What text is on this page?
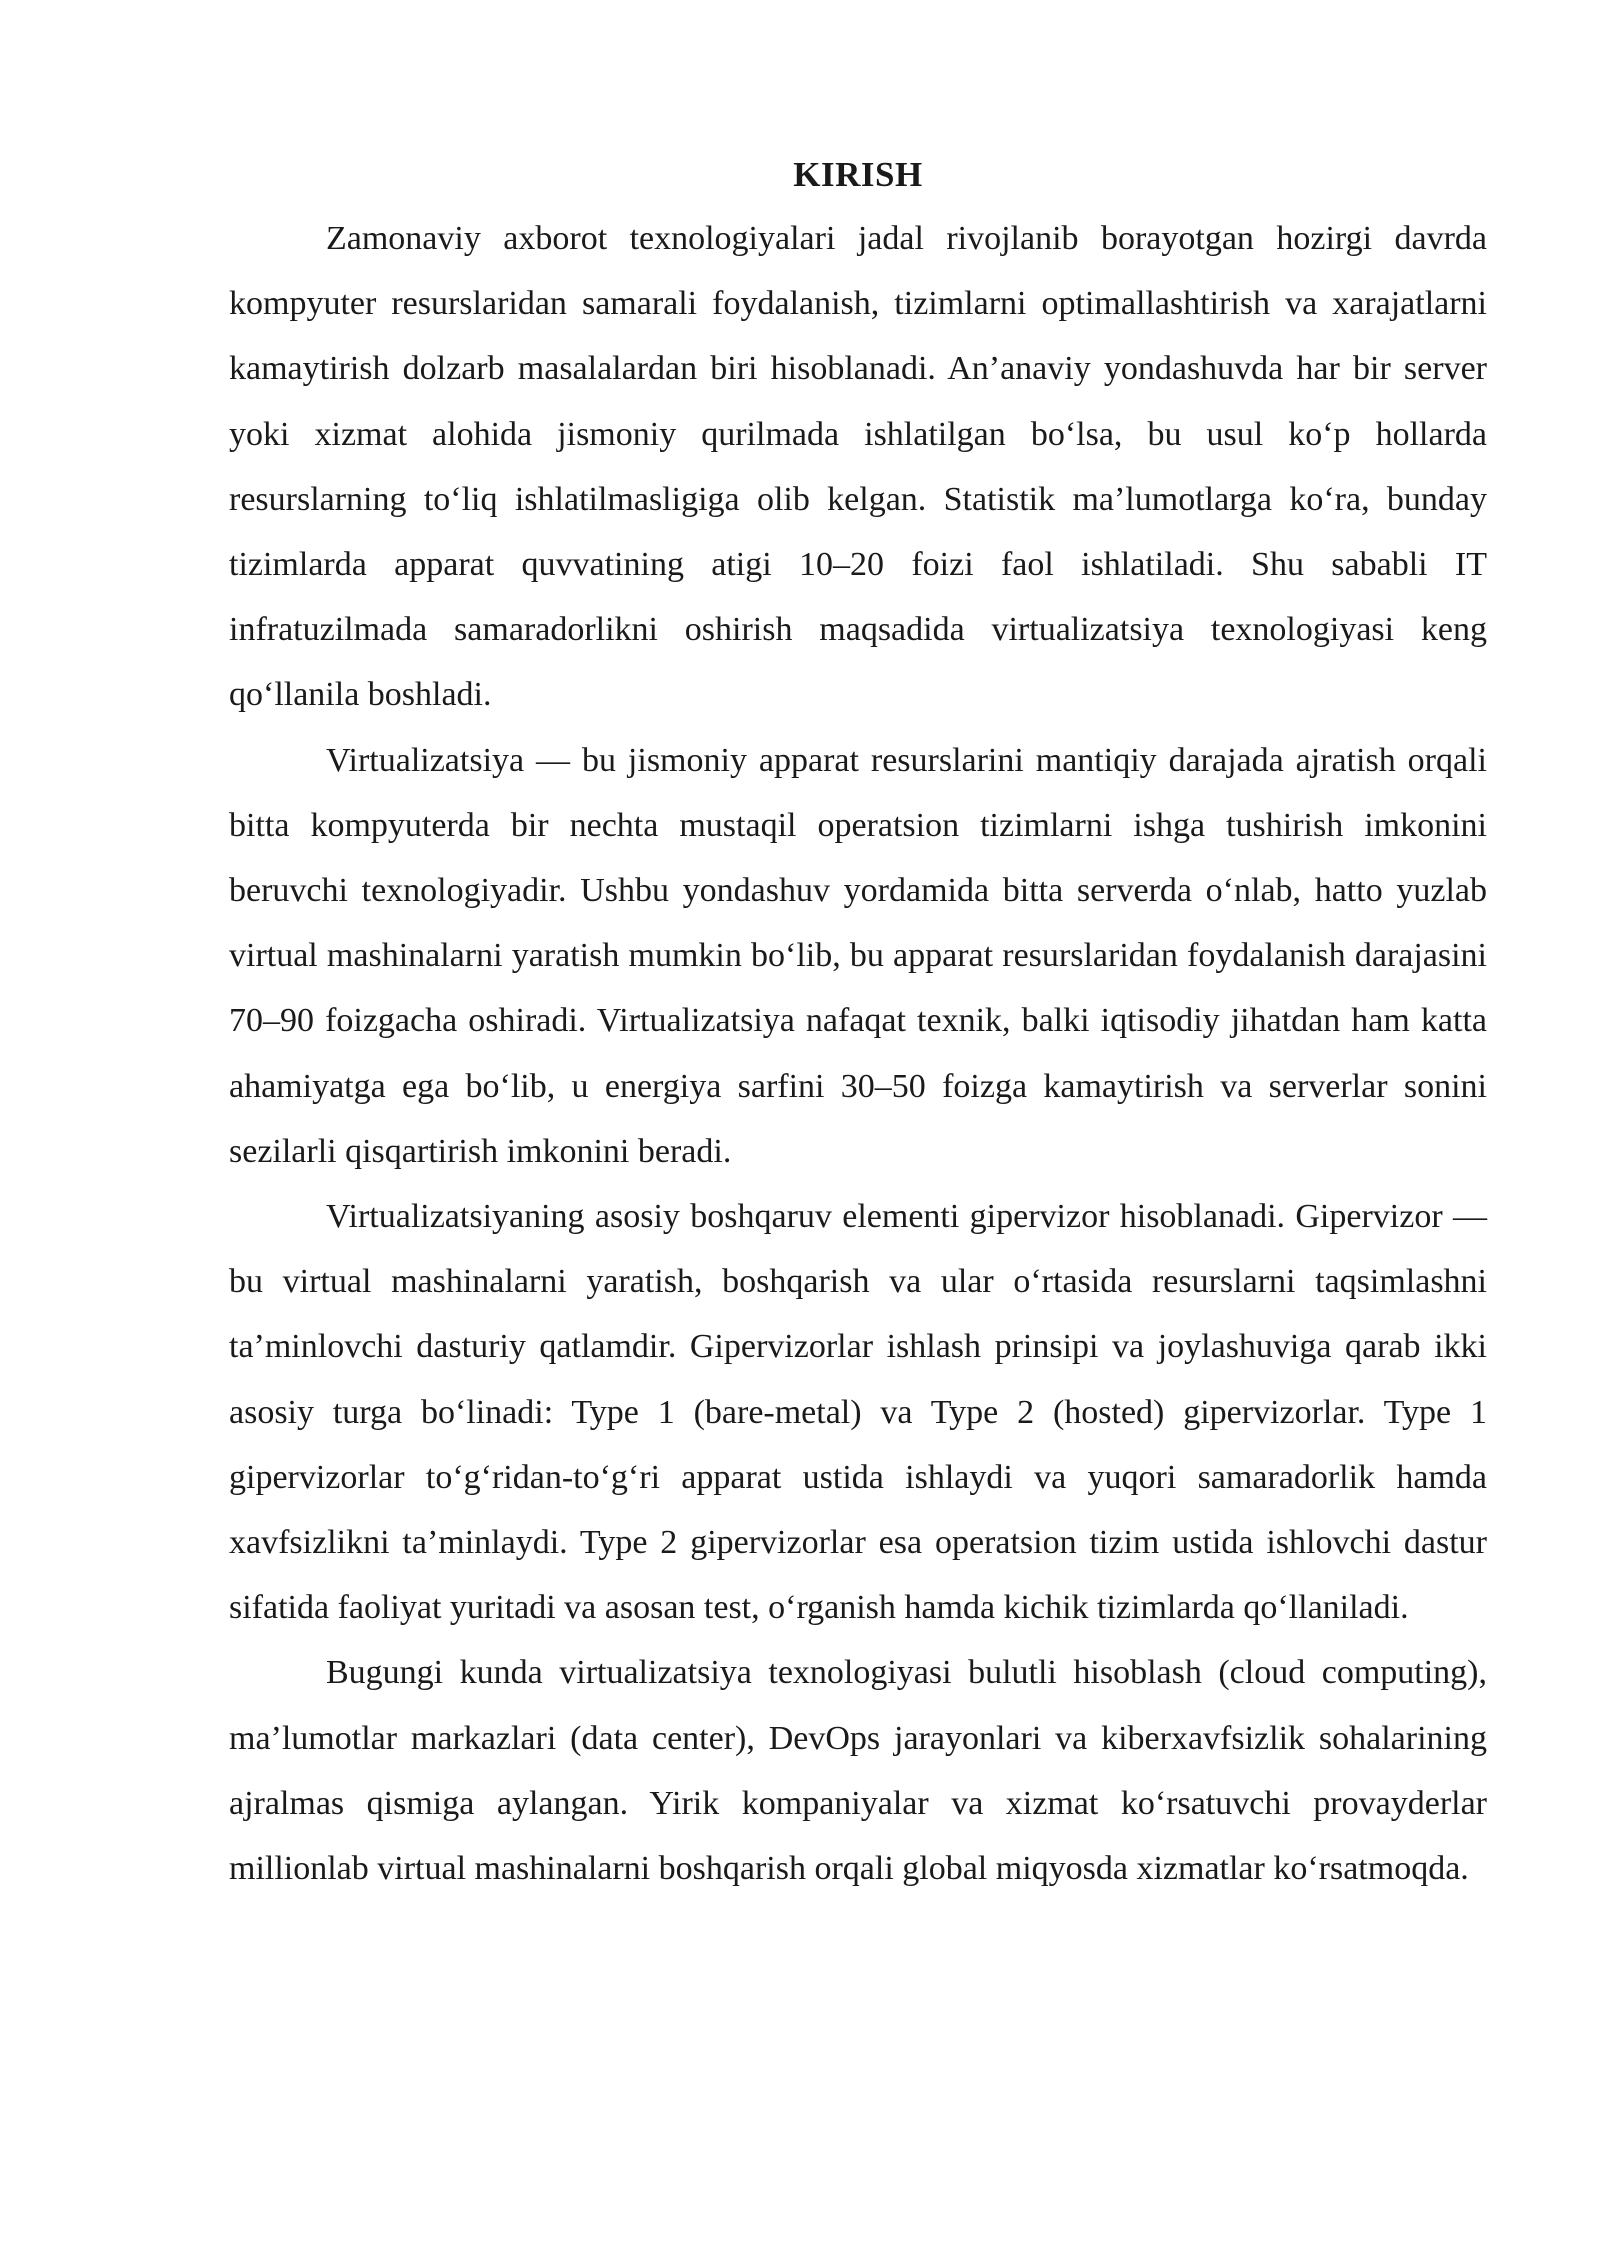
KIRISH

Zamonaviy axborot texnologiyalari jadal rivojlanib borayotgan hozirgi davrda kompyuter resurslaridan samarali foydalanish, tizimlarni optimallashtirish va xarajatlarni kamaytirish dolzarb masalalardan biri hisoblanadi. An’anaviy yondashuvda har bir server yoki xizmat alohida jismoniy qurilmada ishlatilgan bo‘lsa, bu usul ko‘p hollarda resurslarning to‘liq ishlatilmasligiga olib kelgan. Statistik ma’lumotlarga ko‘ra, bunday tizimlarda apparat quvvatining atigi 10–20 foizi faol ishlatiladi. Shu sababli IT infratuzilmada samaradorlikni oshirish maqsadida virtualizatsiya texnologiyasi keng qo‘llanila boshladi.

Virtualizatsiya — bu jismoniy apparat resurslarini mantiqiy darajada ajratish orqali bitta kompyuterda bir nechta mustaqil operatsion tizimlarni ishga tushirish imkonini beruvchi texnologiyadir. Ushbu yondashuv yordamida bitta serverda o‘nlab, hatto yuzlab virtual mashinalarni yaratish mumkin bo‘lib, bu apparat resurslaridan foydalanish darajasini 70–90 foizgacha oshiradi. Virtualizatsiya nafaqat texnik, balki iqtisodiy jihatdan ham katta ahamiyatga ega bo‘lib, u energiya sarfini 30–50 foizga kamaytirish va serverlar sonini sezilarli qisqartirish imkonini beradi.

Virtualizatsiyaning asosiy boshqaruv elementi gipervizor hisoblanadi. Gipervizor — bu virtual mashinalarni yaratish, boshqarish va ular o‘rtasida resurslarni taqsimlashni ta’minlovchi dasturiy qatlamdir. Gipervizorlar ishlash prinsipi va joylashuviga qarab ikki asosiy turga bo‘linadi: Type 1 (bare-metal) va Type 2 (hosted) gipervizorlar. Type 1 gipervizorlar to‘g‘ridan-to‘g‘ri apparat ustida ishlaydi va yuqori samaradorlik hamda xavfsizlikni ta’minlaydi. Type 2 gipervizorlar esa operatsion tizim ustida ishlovchi dastur sifatida faoliyat yuritadi va asosan test, o‘rganish hamda kichik tizimlarda qo‘llaniladi.

Bugungi kunda virtualizatsiya texnologiyasi bulutli hisoblash (cloud computing), ma’lumotlar markazlari (data center), DevOps jarayonlari va kiberxavfsizlik sohalarining ajralmas qismiga aylangan. Yirik kompaniyalar va xizmat ko‘rsatuvchi provayderlar millionlab virtual mashinalarni boshqarish orqali global miqyosda xizmatlar ko‘rsatmoqda.
